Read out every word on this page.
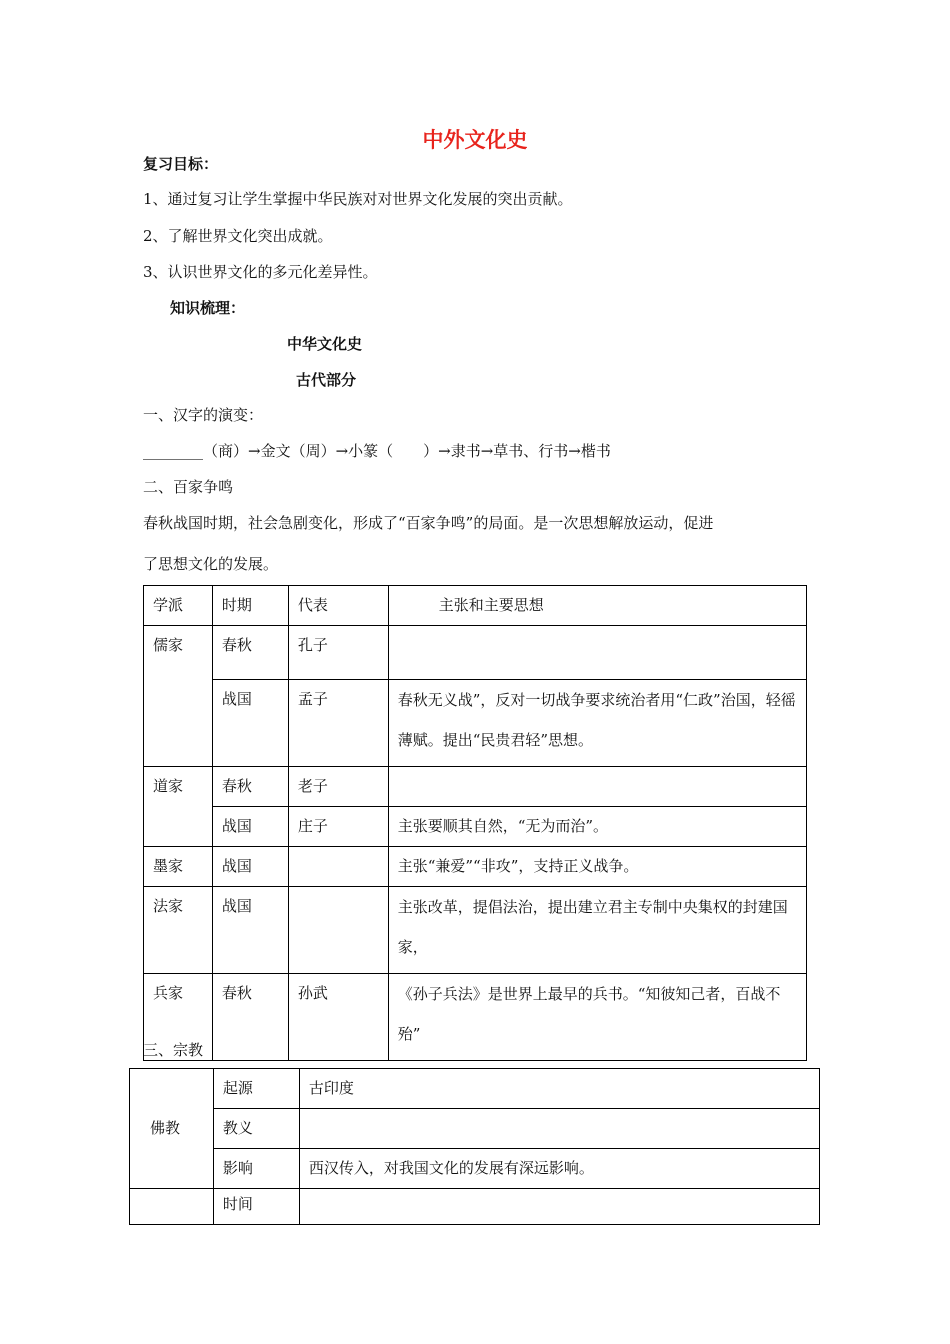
中外文化史
复习目标：
1、通过复习让学生掌握中华民族对对世界文化发展的突出贡献。
2、了解世界文化突出成就。
3、认识世界文化的多元化差异性。
知识梳理：
中华文化史
古代部分
一、汉字的演变：
________（商）→金文（周）→小篆（　　）→隶书→草书、行书→楷书
二、百家争鸣
春秋战国时期，社会急剧变化，形成了“百家争鸣”的局面。是一次思想解放运动，促进
了思想文化的发展。
学派	时期	代表	主张和主要思想

儒家	春秋	孔子	

	战国	孟子	春秋无义战”，反对一切战争要求统治者用“仁政”治国，轻徭薄赋。提出“民贵君轻”思想。

道家	春秋	老子	

	战国	庄子	主张要顺其自然，“无为而治”。

墨家	战国		主张“兼爱”“非攻”，支持正义战争。

法家	战国		主张改革，提倡法治，提出建立君主专制中央集权的封建国家，

兵家	春秋	孙武	《孙子兵法》是世界上最早的兵书。“知彼知己者，百战不殆”
三、宗教
佛教	起源	古印度

	教义	

	影响	西汉传入，对我国文化的发展有深远影响。

	时间	
